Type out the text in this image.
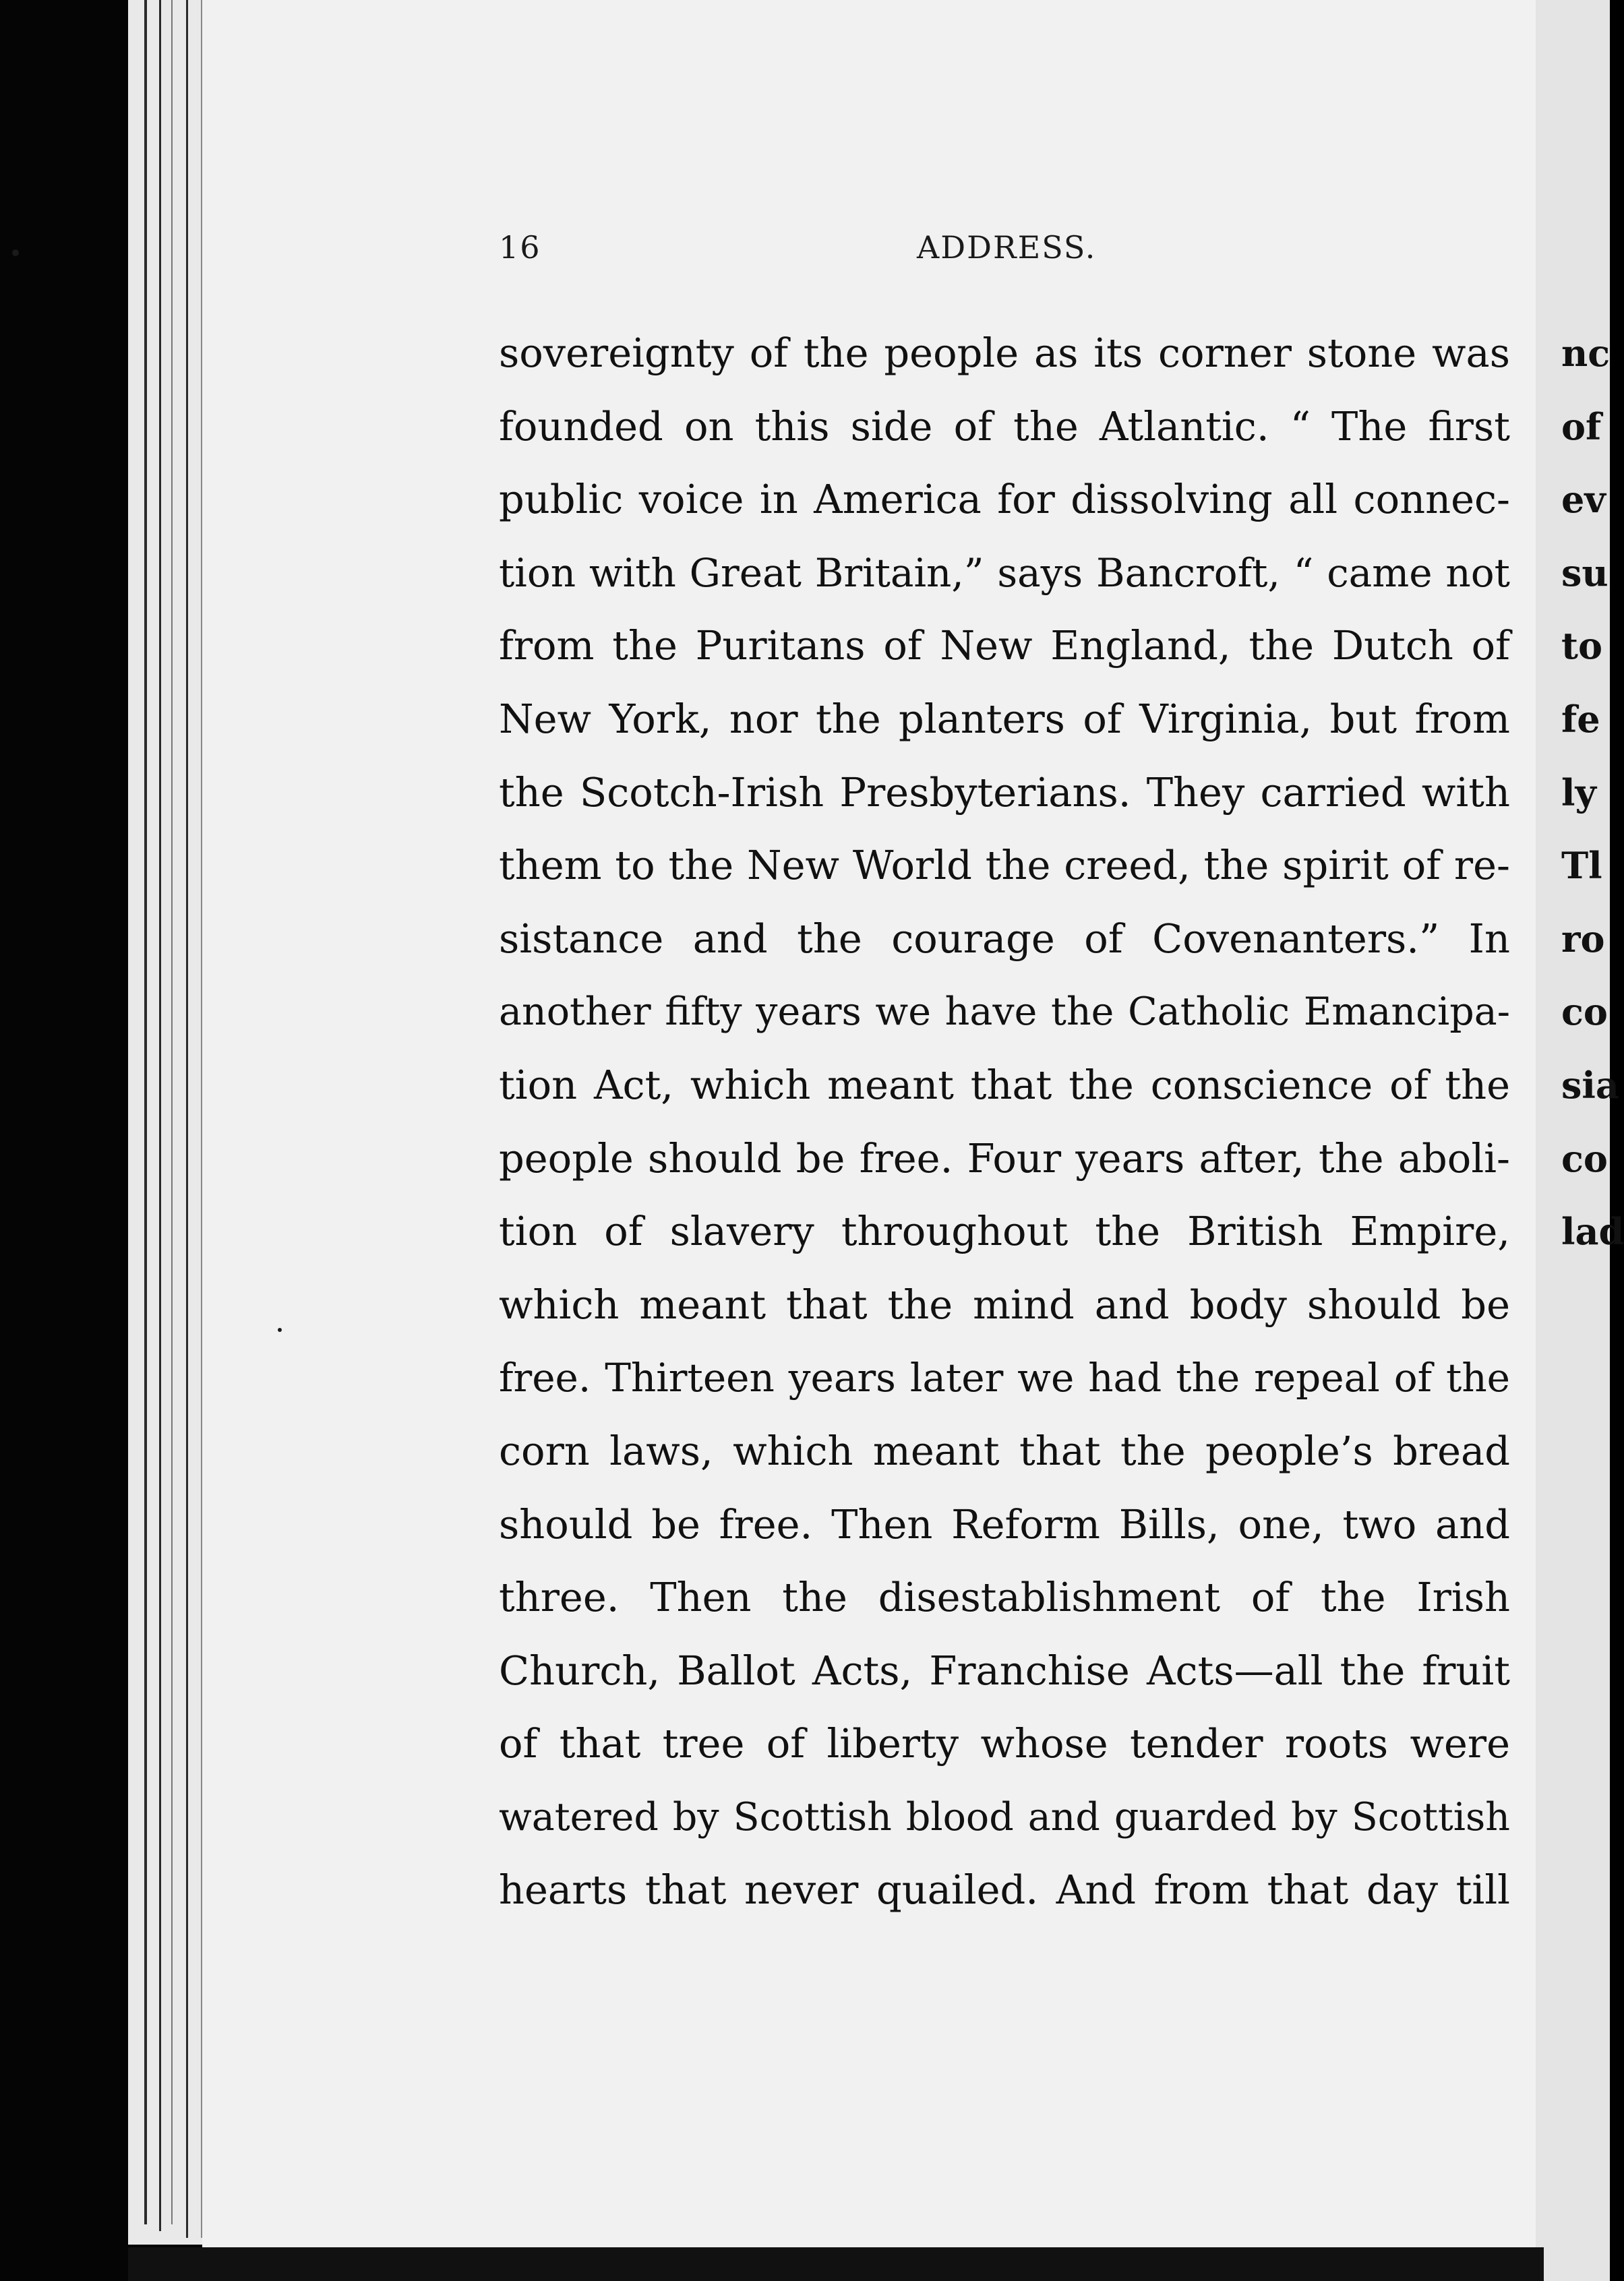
16	ADDRESS.
sovereignty of the people as its corner stone was
founded on this side of the Atlantic. “ The first
public voice in America for dissolving all connec-
tion with Great Britain,” says Bancroft, “ came not
from the Puritans of New England, the Dutch of
New York, nor the planters of Virginia, but from
the Scotch-Irish Presbyterians. They carried with
them to the New World the creed, the spirit of re-
sistance and the courage of Covenanters.” In
another fifty years we have the Catholic Emancipa-
tion Act, which meant that the conscience of the
people should be free. Four years after, the aboli-
tion of slavery throughout the British Empire,
which meant that the mind and body should be
free. Thirteen years later we had the repeal of the
corn laws, which meant that the people’s bread
should be free. Then Reform Bills, one, two and
three. Then the disestablishment of the Irish
Church, Ballot Acts, Franchise Acts—all the fruit
of that tree of liberty whose tender roots were
watered by Scottish blood and guarded by Scottish
hearts that never quailed. And from that day till
nc
of
ev
su
to
fe
ly
Tl
ro
co
sia
co
lad
